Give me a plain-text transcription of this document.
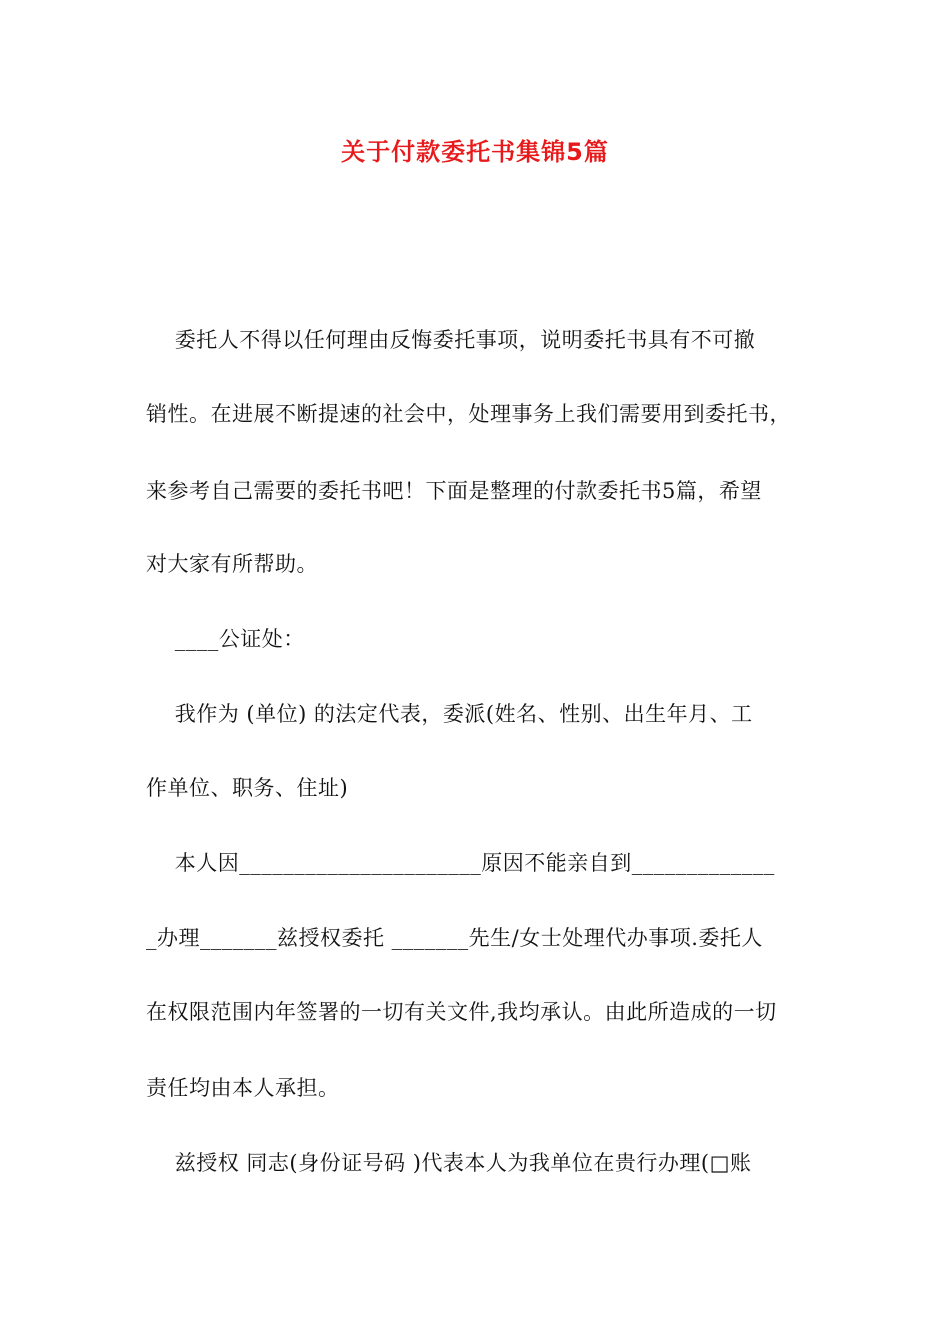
关于付款委托书集锦5篇
委托人不得以任何理由反悔委托事项，说明委托书具有不可撤
销性。在进展不断提速的社会中，处理事务上我们需要用到委托书，
来参考自己需要的委托书吧！下面是整理的付款委托书5篇，希望
对大家有所帮助。
____公证处：
我作为 (单位) 的法定代表，委派(姓名、性别、出生年月、工
作单位、职务、住址)
本人因______________________原因不能亲自到_____________
_办理_______兹授权委托 _______先生/女士处理代办事项.委托人
在权限范围内年签署的一切有关文件,我均承认。由此所造成的一切
责任均由本人承担。
兹授权 同志(身份证号码 )代表本人为我单位在贵行办理(□账
